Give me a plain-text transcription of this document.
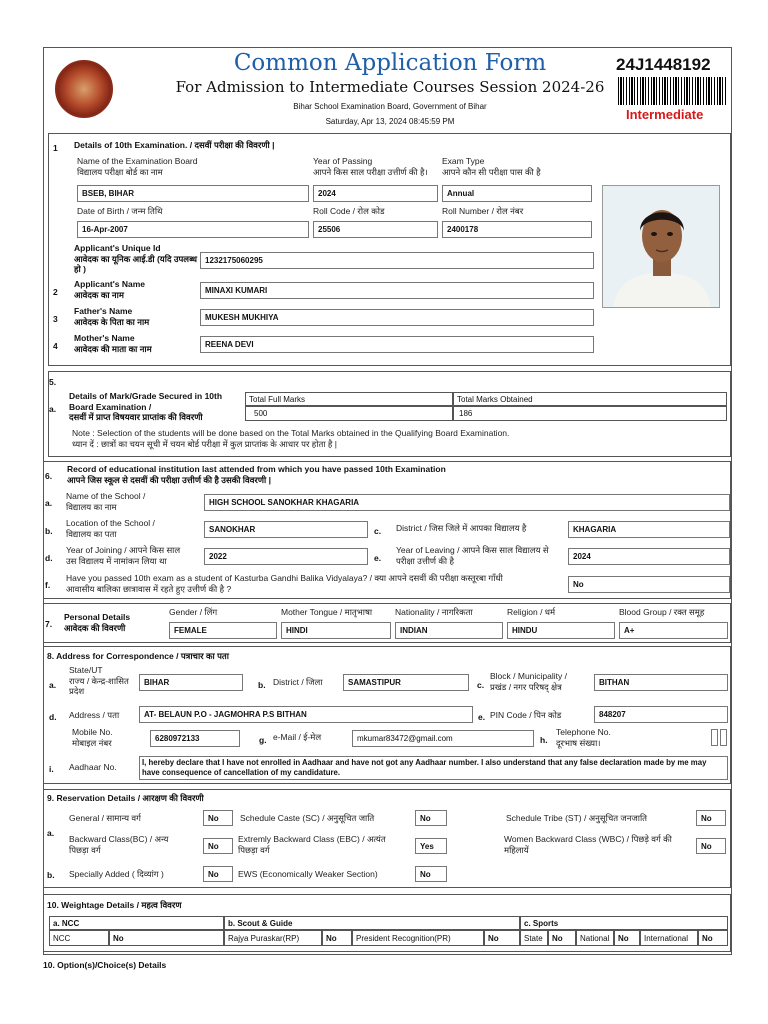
Common Application Form
For Admission to Intermediate Courses Session 2024-26
Bihar School Examination Board, Government of Bihar
Saturday, Apr 13, 2024 08:45:59 PM
24J1448192
Intermediate
1 Details of 10th Examination. / दसवीं परीक्षा की विवरणी |
Name of the Examination Board
विद्यालय परीक्षा बोर्ड का नाम
BSEB, BIHAR
Year of Passing
आपने किस साल परीक्षा उत्तीर्ण की है।
2024
Exam Type
आपने कौन सी परीक्षा पास की है
Annual
Date of Birth / जन्म तिथि
16-Apr-2007
Roll Code / रोल कोड
25506
Roll Number / रोल नंबर
2400178
Applicant's Unique Id
आवेदक का यूनिक आई.डी (यदि उपलब्ध हो )
1232175060295
2
Applicant's Name
आवेदक का नाम	MINAXI KUMARI
3
Father's Name
आवेदक के पिता का नाम	MUKESH MUKHIYA
4
Mother's Name
आवेदक की माता का नाम	REENA DEVI
5.
a.
Details of Mark/Grade Secured in 10th Board Examination /
दसवीं में प्राप्त विषयवार प्राप्तांक की विवरणी
Total Full Marks	Total Marks Obtained
500	186
Note : Selection of the students will be done based on the Total Marks obtained in the Qualifying Board Examination.
ध्यान दें : छात्रों का चयन सूची में चयन बोर्ड परीक्षा में कुल प्राप्तांक के आधार पर होता है |
6.
Record of educational institution last attended from which you have passed 10th Examination
आपने जिस स्कूल से दसवीं की परीक्षा उत्तीर्ण की है उसकी विवरणी |
a.
Name of the School /
विद्यालय का नाम	HIGH SCHOOL SANOKHAR KHAGARIA
b.
Location of the School /
विद्यालय का पता	SANOKHAR	c. District / जिस जिले में आपका विद्यालय है	KHAGARIA
d.
Year of Joining / आपने किस साल
उस विद्यालय में नामांकन लिया था	2022	e.
Year of Leaving / आपने किस साल विद्यालय से
परीक्षा उत्तीर्ण की है	2024
f.
Have you passed 10th exam as a student of Kasturba Gandhi Balika Vidyalaya? / क्या आपने दसवीं की परीक्षा कस्तूरबा गाँधी
आवासीय बालिका छात्रावास में रहते हुए उत्तीर्ण की है ?	No
7.
Personal Details
आवेदक की विवरणी
Gender / लिंग
FEMALE
Mother Tongue / मातृभाषा
HINDI
Nationality / नागरिकता
INDIAN
Religion / धर्म
HINDU
Blood Group / रक्त समूह
A+
8. Address for Correspondence / पत्राचार का पता
a.
State/UT
राज्य / केन्द्र-शासित प्रदेश
BIHAR	b. District / जिला	SAMASTIPUR	c.
Block / Municipality /
प्रखंड / नगर परिषद् क्षेत्र	BITHAN
d. Address / पता	AT- BELAUN P.O - JAGMOHRA P.S BITHAN	e. PIN Code / पिन कोड	848207
Mobile No.
मोबाइल नंबर	6280972133	g. e-Mail / ई-मेल	mkumar83472@gmail.com	h.
Telephone No.
दूरभाष संख्या।
i. Aadhaar No.	I, hereby declare that I have not enrolled in Aadhaar and have not got any Aadhaar number. I also understand that any false declaration made by me may have consequence of cancellation of my candidature.
9. Reservation Details / आरक्षण की विवरणी
a.
b.
General / सामान्य वर्ग	No	Schedule Caste (SC) / अनुसूचित जाति	No	Schedule Tribe (ST) / अनुसूचित जनजाति	No
Backward Class(BC) / अन्य
पिछड़ा वर्ग	No
Extremly Backward Class (EBC) / अत्यंत
पिछड़ा वर्ग	Yes
Women Backward Class (WBC) / पिछड़े वर्ग की
महिलायें	No
Specially Added ( दिव्यांग )	No	EWS (Economically Weaker Section)	No
10. Weightage Details / महत्व विवरण
a. NCC	b. Scout & Guide	c. Sports
NCC	No	Rajya Puraskar(RP)	No	President Recognition(PR)	No	State	No	National	No	International	No
10. Option(s)/Choice(s) Details
